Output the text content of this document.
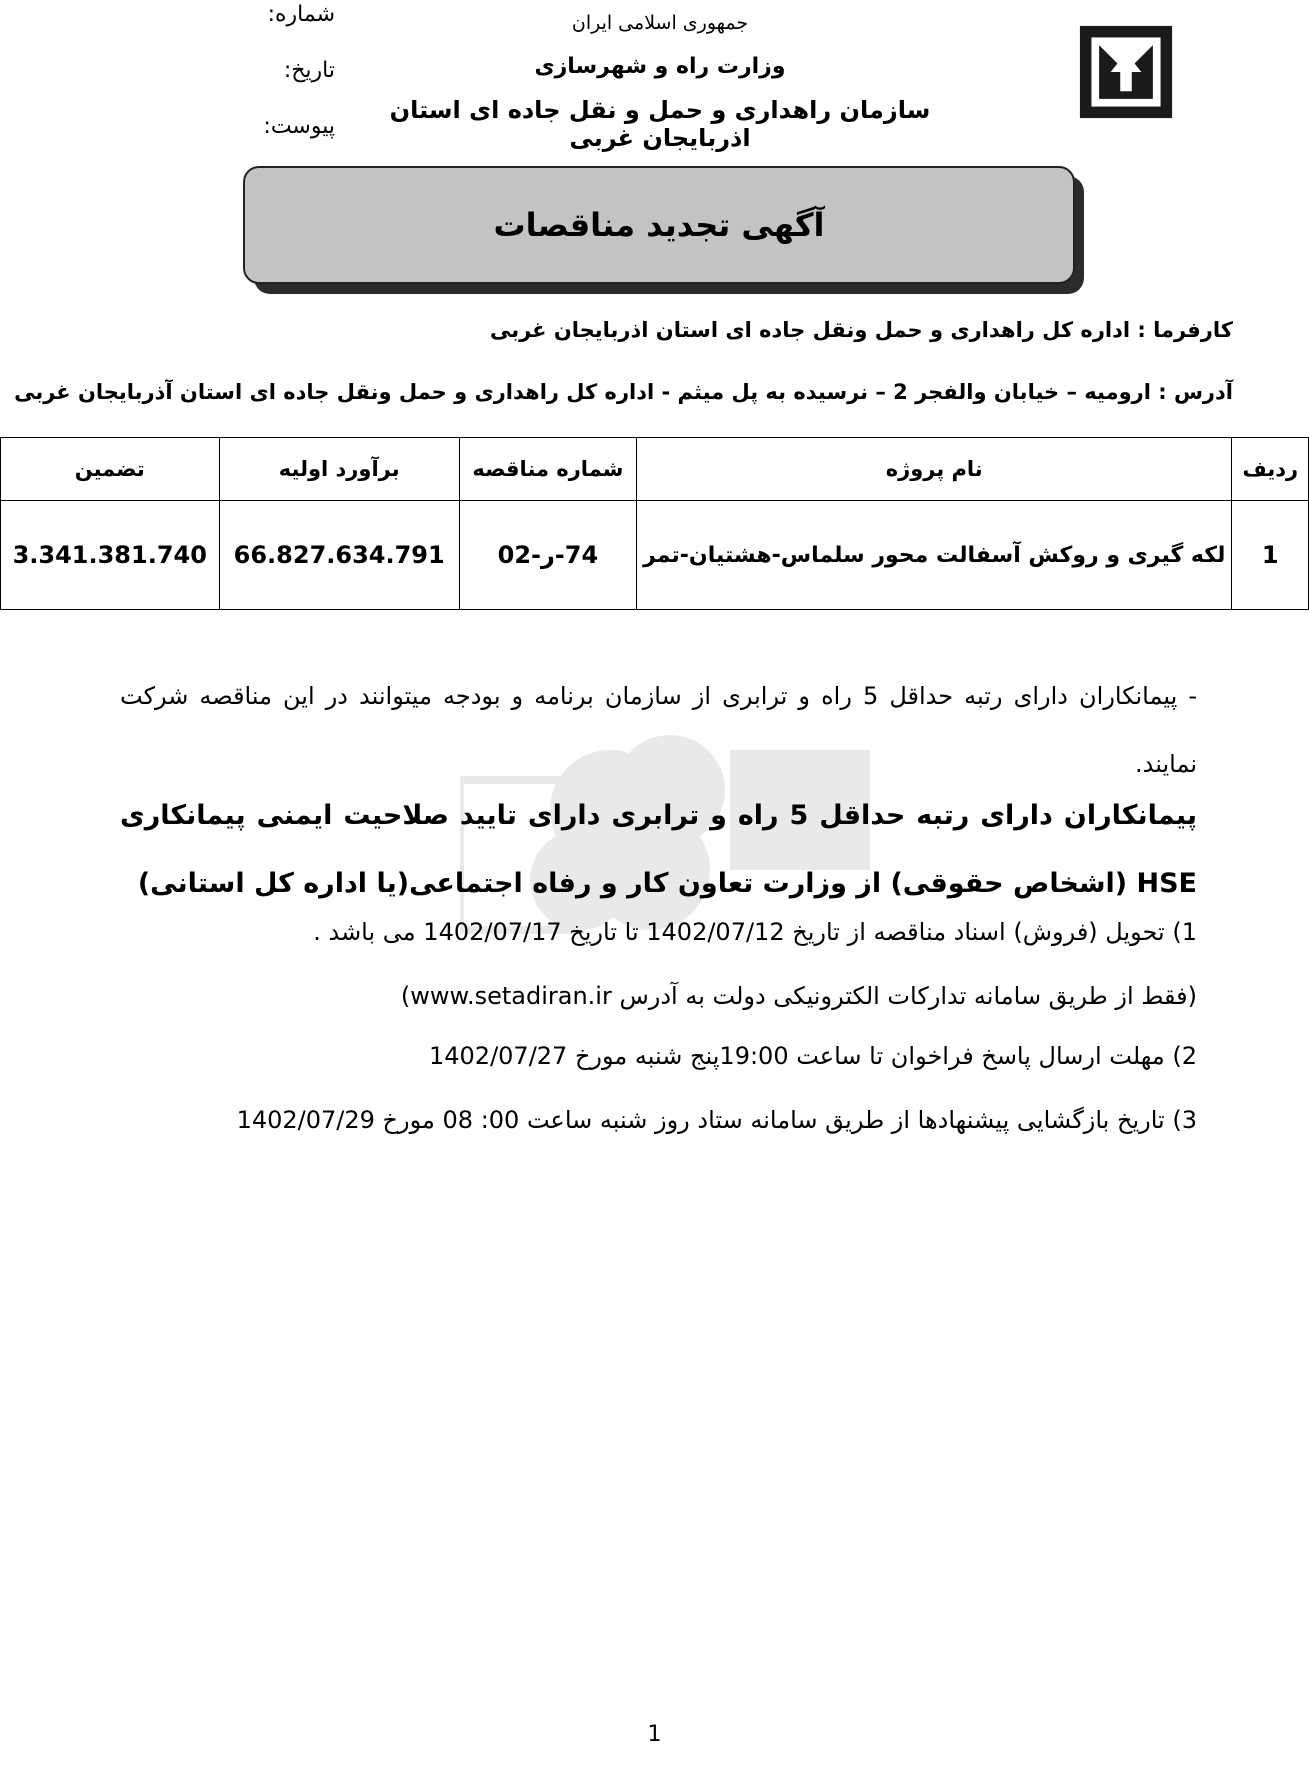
جمهوری اسلامی ایران
وزارت راه و شهرسازی
سازمان راهداری و حمل و نقل جاده ای استان اذربایجان غربی
شماره:
تاریخ:
پیوست:
آگهی تجدید مناقصات
کارفرما : اداره کل راهداری و حمل ونقل جاده ای استان اذربایجان غربی
آدرس : ارومیه – خیابان والفجر 2 – نرسیده به پل میثم - اداره کل راهداری و حمل ونقل جاده ای استان آذربایجان غربی
ردیف	نام پروژه	شماره مناقصه	برآورد اولیه	تضمین
1	لکه گیری و روکش آسفالت محور سلماس-هشتیان-تمر	74-ر-02	66.827.634.791	3.341.381.740
- پیمانکاران دارای رتبه حداقل 5 راه و ترابری از سازمان برنامه و بودجه میتوانند در این مناقصه شرکت نمایند.
پیمانکاران دارای رتبه حداقل 5 راه و ترابری دارای تایید صلاحیت ایمنی پیمانکاری HSE (اشخاص حقوقی) از وزارت تعاون کار و رفاه اجتماعی(یا اداره کل استانی)
1) تحویل (فروش) اسناد مناقصه از تاریخ 1402/07/12 تا تاریخ 1402/07/17 می باشد .
(فقط از طریق سامانه تدارکات الکترونیکی دولت به آدرس www.setadiran.ir)
2) مهلت ارسال پاسخ فراخوان تا ساعت 19:00پنج شنبه مورخ 1402/07/27
3) تاریخ بازگشایی پیشنهادها از طریق سامانه ستاد روز شنبه ساعت 00: 08 مورخ 1402/07/29
1
